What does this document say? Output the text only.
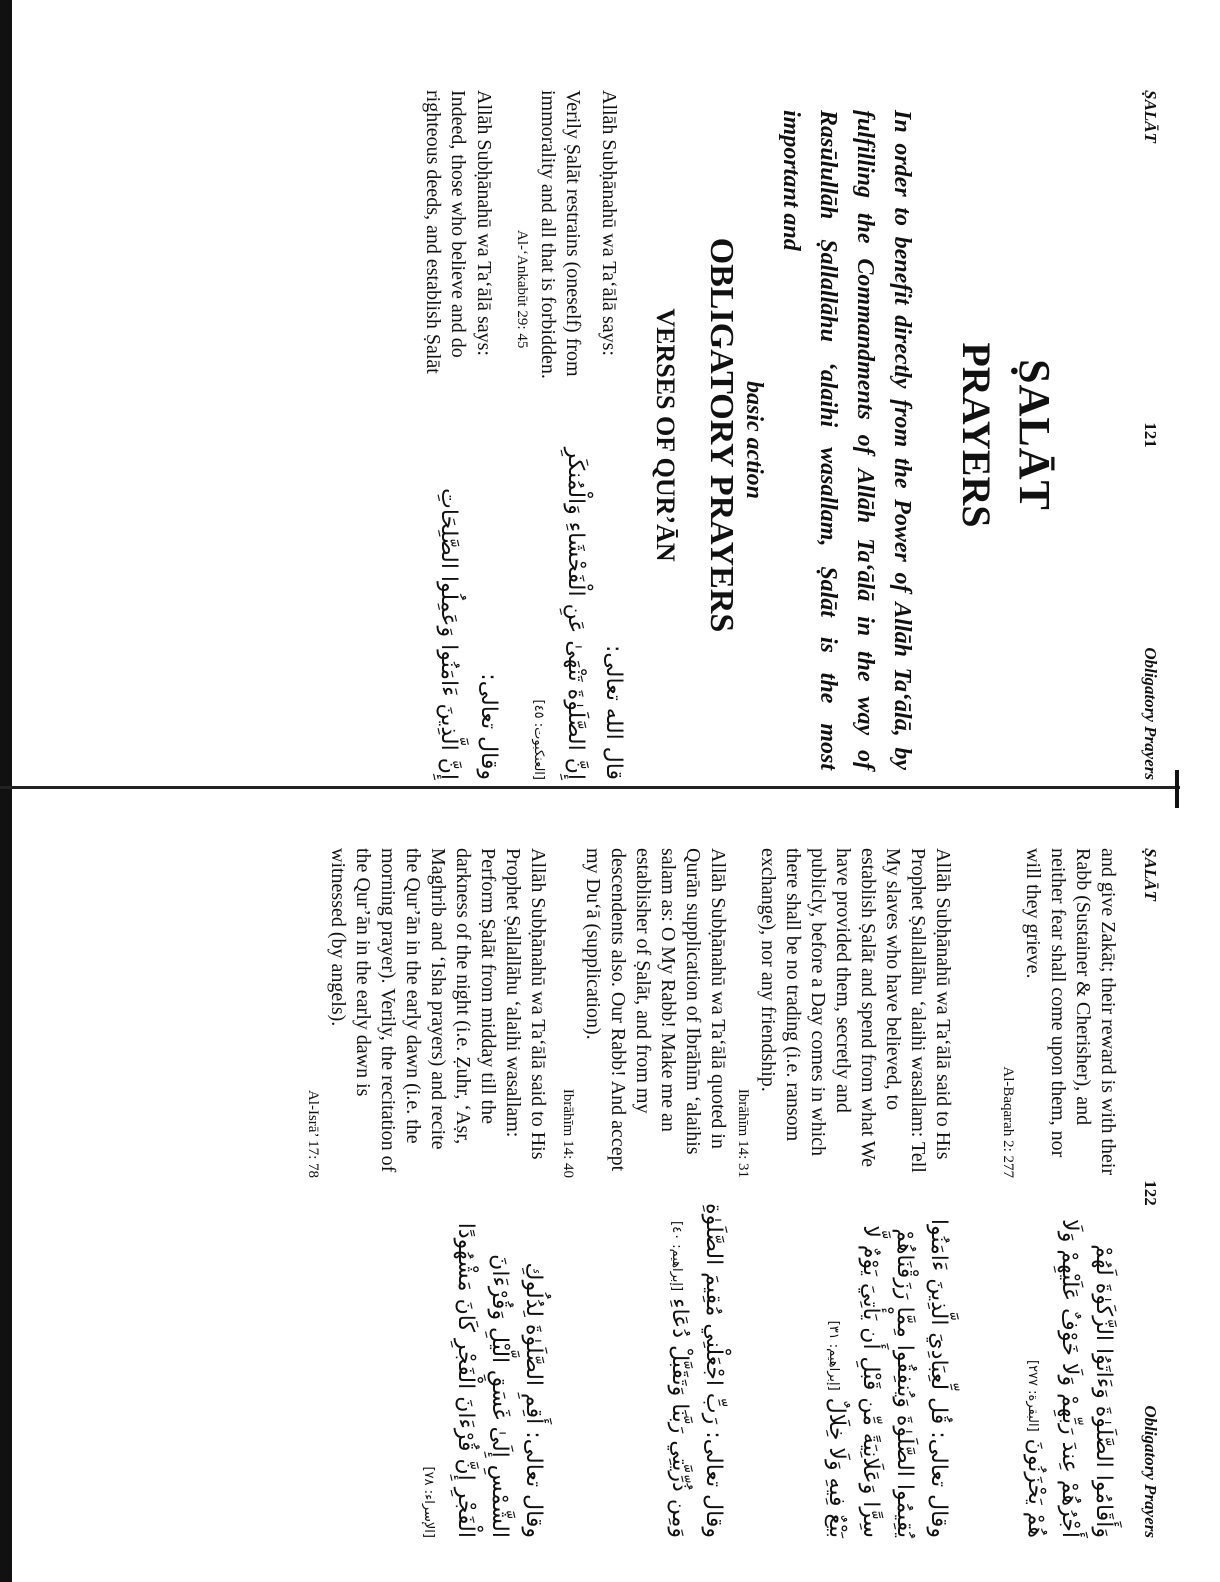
ṢALĀT
121
Obligatory Prayers
ṢALĀT
PRAYERS
In order to benefit directly from the Power of Allāh Ta‘ālā, by fulfilling the Commandments of Allāh Ta‘ālā in the way of Rasūlullāh Ṣallallāhu ‘alaihi wasallam, Ṣalāt is the most important and
basic action
OBLIGATORY PRAYERS
VERSES OF QUR’ĀN
Allāh Subḥānahū wa Ta‘ālā says:
قال الله تعالى:
Verily Ṣalāt restrains (oneself) from immorality and all that is forbidden.
إِنَّ الصَّلَوٰةَ تَنْهَىٰ عَنِ الْفَحْشَاءِ وَالْمُنكَرِ [العنكبوت: ٤٥]
Al-‘Ankabūt 29: 45
Allāh Subḥānahū wa Ta‘ālā says:
وقال تعالى:
Indeed, those who believe and do righteous deeds, and establish Ṣalāt
إِنَّ الَّذِينَ ءَامَنُوا وَعَمِلُوا الصَّلِحَاتِ
ṢALĀT
122
Obligatory Prayers
and give Zakāt; their reward is with their Rabb (Sustainer & Cherisher), and neither fear shall come upon them, nor will they grieve.
Al-Baqarah 2: 277
وَأَقَامُوا الصَّلَوٰةَ وَءَاتَوُا الزَّكَوٰةَ لَهُمْ أَجْرُهُمْ عِندَ رَبِّهِمْ وَلَا خَوْفٌ عَلَيْهِمْ وَلَا هُمْ يَحْزَنُونَ [البقرة: ٢٧٧]
Allāh Subḥānahū wa Ta‘ālā said to His Prophet Ṣallallāhu ‘alaihi wasallam: Tell My slaves who have believed, to establish Ṣalāt and spend from what We have provided them, secretly and publicly, before a Day comes in which there shall be no trading (i.e. ransom exchange), nor any friendship.
Ibrāhīm 14: 31
وقال تعالى: قُل لِّعِبَادِيَ الَّذِينَ ءَامَنُوا يُقِيمُوا الصَّلَوٰةَ وَيُنفِقُوا مِمَّا رَزَقْنَاهُمْ سِرًّا وَعَلَانِيَةً مِّن قَبْلِ أَن يَأْتِيَ يَوْمٌ لَّا بَيْعٌ فِيهِ وَلَا خِلَالٌ [إبراهيم: ٣١]
Allāh Subḥānahū wa Ta‘ālā quoted in Qurān supplication of Ibrāhīm ‘alaihis salam as: O My Rabb! Make me an establisher of Ṣalāt, and from my descendents also. Our Rabb! And accept my Du‘ā (supplication).
Ibrāhīm 14: 40
وقال تعالى: رَبِّ اجْعَلْنِي مُقِيمَ الصَّلَوٰةِ وَمِن ذُرِّيَّتِي رَبَّنَا وَتَقَبَّلْ دُعَاءِ [إبراهيم: ٤٠]
Allāh Subḥānahū wa Ta‘ālā said to His Prophet Ṣallallāhu ‘alaihi wasallam: Perform Ṣalāt from midday till the darkness of the night (i.e. Ẓuhr, ‘Aṣr, Maghrib and ‘Isha prayers) and recite the Qur’ān in the early dawn (i.e. the morning prayer). Verily, the recitation of the Qur’ān in the early dawn is witnessed (by angels).
Al-Isrā’ 17: 78
وقال تعالى: أَقِمِ الصَّلَوٰةَ لِدُلُوكِ الشَّمْسِ إِلَىٰ غَسَقِ الَّيْلِ وَقُرْءَانَ الْفَجْرِ إِنَّ قُرْءَانَ الْفَجْرِ كَانَ مَشْهُودًا [الإسراء: ٧٨]
